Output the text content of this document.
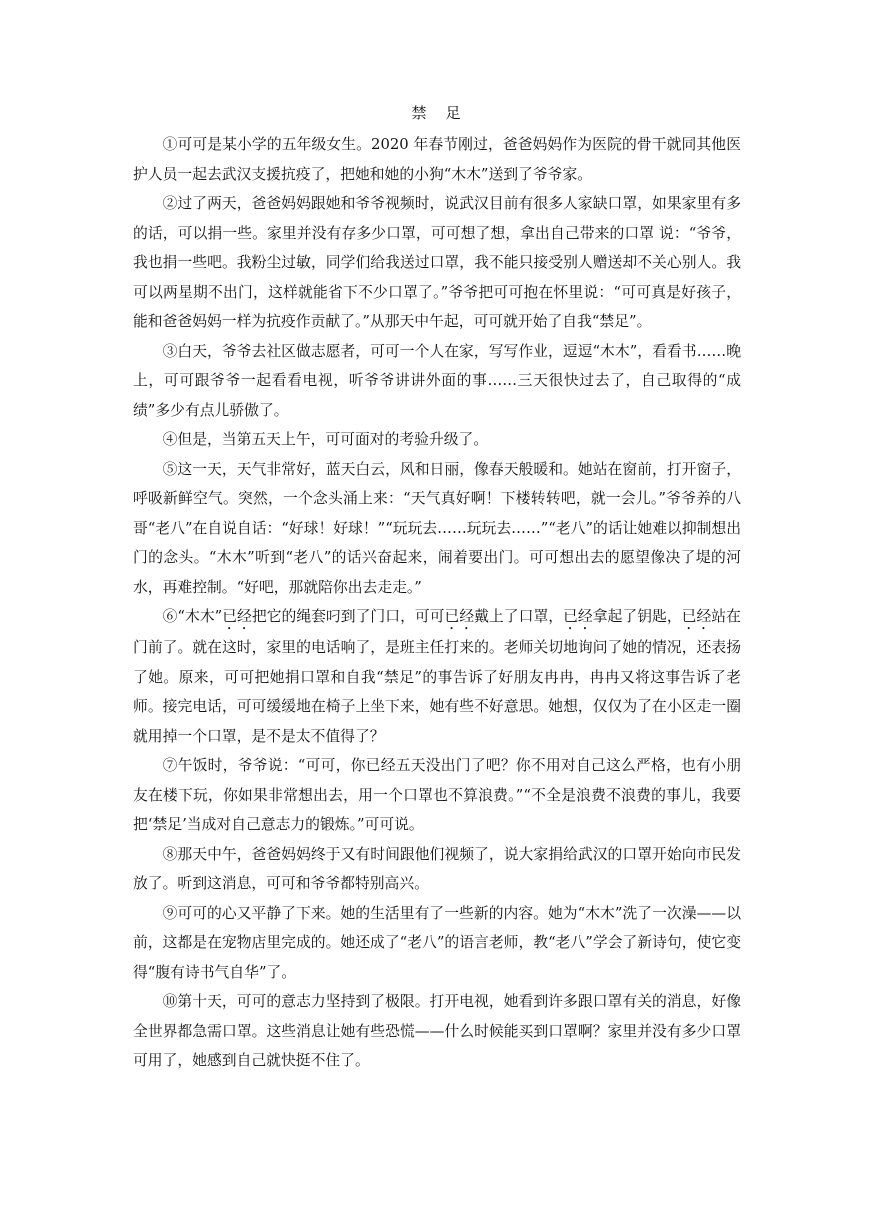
禁　足

①可可是某小学的五年级女生。2020 年春节刚过，爸爸妈妈作为医院的骨干就同其他医护人员一起去武汉支援抗疫了，把她和她的小狗“木木”送到了爷爷家。

②过了两天，爸爸妈妈跟她和爷爷视频时，说武汉目前有很多人家缺口罩，如果家里有多的话，可以捐一些。家里并没有存多少口罩，可可想了想，拿出自己带来的口罩 说：“爷爷，我也捐一些吧。我粉尘过敏，同学们给我送过口罩，我不能只接受别人赠送却不关心别人。我可以两星期不出门，这样就能省下不少口罩了。”爷爷把可可抱在怀里说：“可可真是好孩子，能和爸爸妈妈一样为抗疫作贡献了。”从那天中午起，可可就开始了自我“禁足”。

③白天，爷爷去社区做志愿者，可可一个人在家，写写作业，逗逗“木木”，看看书……晚上，可可跟爷爷一起看看电视，听爷爷讲讲外面的事……三天很快过去了，自己取得的“成绩”多少有点儿骄傲了。

④但是，当第五天上午，可可面对的考验升级了。

⑤这一天，天气非常好，蓝天白云，风和日丽，像春天般暖和。她站在窗前，打开窗子，呼吸新鲜空气。突然，一个念头涌上来：“天气真好啊！下楼转转吧，就一会儿。”爷爷养的八哥“老八”在自说自话：“好球！好球！”“玩玩去……玩玩去……”“老八”的话让她难以抑制想出门的念头。“木木”听到“老八”的话兴奋起来，闹着要出门。可可想出去的愿望像决了堤的河水，再难控制。“好吧，那就陪你出去走走。”

⑥“木木”已经把它的绳套叼到了门口，可可已经戴上了口罩，已经拿起了钥匙，已经站在门前了。就在这时，家里的电话响了，是班主任打来的。老师关切地询问了她的情况，还表扬了她。原来，可可把她捐口罩和自我“禁足”的事告诉了好朋友冉冉，冉冉又将这事告诉了老师。接完电话，可可缓缓地在椅子上坐下来，她有些不好意思。她想，仅仅为了在小区走一圈就用掉一个口罩，是不是太不值得了？

⑦午饭时，爷爷说：“可可，你已经五天没出门了吧？你不用对自己这么严格，也有小朋友在楼下玩，你如果非常想出去，用一个口罩也不算浪费。”“不全是浪费不浪费的事儿，我要把‘禁足’当成对自己意志力的锻炼。”可可说。

⑧那天中午，爸爸妈妈终于又有时间跟他们视频了，说大家捐给武汉的口罩开始向市民发放了。听到这消息，可可和爷爷都特别高兴。

⑨可可的心又平静了下来。她的生活里有了一些新的内容。她为“木木”洗了一次澡——以前，这都是在宠物店里完成的。她还成了“老八”的语言老师，教“老八”学会了新诗句，使它变得“腹有诗书气自华”了。

⑩第十天，可可的意志力坚持到了极限。打开电视，她看到许多跟口罩有关的消息，好像全世界都急需口罩。这些消息让她有些恐慌——什么时候能买到口罩啊？家里并没有多少口罩可用了，她感到自己就快挺不住了。
